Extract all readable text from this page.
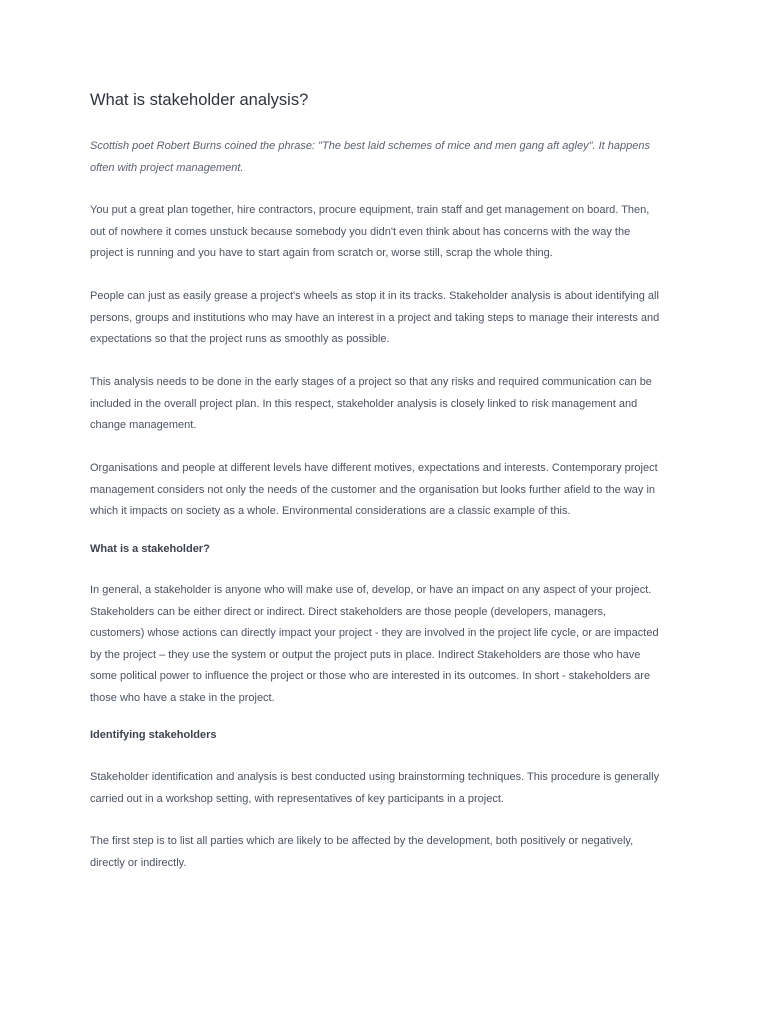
What is stakeholder analysis?

Scottish poet Robert Burns coined the phrase: "The best laid schemes of mice and men gang aft agley". It happens
often with project management.

You put a great plan together, hire contractors, procure equipment, train staff and get management on board. Then,
out of nowhere it comes unstuck because somebody you didn't even think about has concerns with the way the
project is running and you have to start again from scratch or, worse still, scrap the whole thing.

People can just as easily grease a project's wheels as stop it in its tracks. Stakeholder analysis is about identifying all
persons, groups and institutions who may have an interest in a project and taking steps to manage their interests and
expectations so that the project runs as smoothly as possible.

This analysis needs to be done in the early stages of a project so that any risks and required communication can be
included in the overall project plan. In this respect, stakeholder analysis is closely linked to risk management and
change management.

Organisations and people at different levels have different motives, expectations and interests. Contemporary project
management considers not only the needs of the customer and the organisation but looks further afield to the way in
which it impacts on society as a whole. Environmental considerations are a classic example of this.

What is a stakeholder?

In general, a stakeholder is anyone who will make use of, develop, or have an impact on any aspect of your project.
Stakeholders can be either direct or indirect. Direct stakeholders are those people (developers, managers,
customers) whose actions can directly impact your project - they are involved in the project life cycle, or are impacted
by the project – they use the system or output the project puts in place. Indirect Stakeholders are those who have
some political power to influence the project or those who are interested in its outcomes. In short - stakeholders are
those who have a stake in the project.

Identifying stakeholders

Stakeholder identification and analysis is best conducted using brainstorming techniques. This procedure is generally
carried out in a workshop setting, with representatives of key participants in a project.

The first step is to list all parties which are likely to be affected by the development, both positively or negatively,
directly or indirectly.
